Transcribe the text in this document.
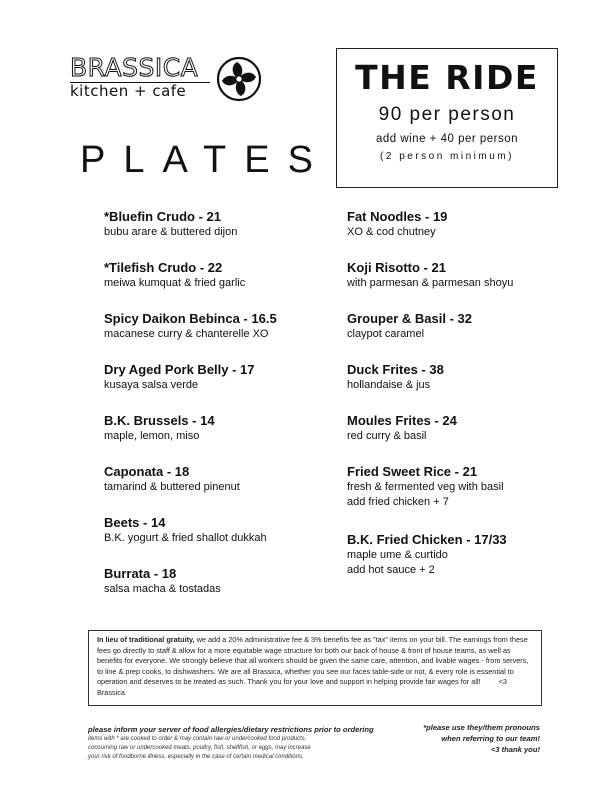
BRASSICA
kitchen + cafe
PLATES
THE RIDE
90 per person
add wine + 40 per person
(2 person minimum)
*Bluefin Crudo - 21
bubu arare & buttered dijon
*Tilefish Crudo - 22
meiwa kumquat & fried garlic
Spicy Daikon Bebinca - 16.5
macanese curry & chanterelle XO
Dry Aged Pork Belly - 17
kusaya salsa verde
B.K. Brussels - 14
maple, lemon, miso
Caponata - 18
tamarind & buttered pinenut
Beets - 14
B.K. yogurt & fried shallot dukkah
Burrata - 18
salsa macha & tostadas
Fat Noodles - 19
XO & cod chutney
Koji Risotto - 21
with parmesan & parmesan shoyu
Grouper & Basil - 32
claypot caramel
Duck Frites - 38
hollandaise & jus
Moules Frites - 24
red curry & basil
Fried Sweet Rice - 21
fresh & fermented veg with basil
add fried chicken + 7
B.K. Fried Chicken - 17/33
maple ume & curtido
add hot sauce + 2
In lieu of traditional gratuity, we add a 20% administrative fee & 3% benefits fee as "tax" items on your bill. The earnings from these fees go directly to staff & allow for a more equitable wage structure for both our back of house & front of house teams, as well as benefits for everyone. We strongly believe that all workers should be given the same care, attention, and livable wages - from servers, to line & prep cooks, to dishwashers. We are all Brassica, whether you see our faces table-side or not, & every role is essential to operation and deserves to be treated as such. Thank you for your love and support in helping provide fair wages for all! <3 Brassica
please inform your server of food allergies/dietary restrictions prior to ordering
items with * are cooked to order & may contain raw or undercooked food products.
consuming raw or undercooked meats, poultry, fish, shellfish, or eggs, may increase
your risk of foodborne illness, especially in the case of certain medical conditions.
*please use they/them pronouns
when referring to our team!
<3 thank you!
